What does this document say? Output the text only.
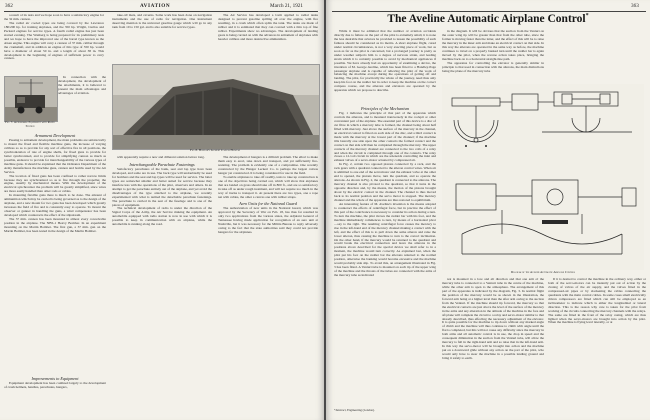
362	AVIATION	March 21, 1921

a result of its tests and we hope soon to have a satisfactory engine for the 32 mm. cannon.

The radial air cooled types are being covered by the Lawrance 180/200 hp. for training airplanes, and the 350 hp. Wright, Curtiss and Packard engines for service types. A fourth radial engine has just been started evening. The Wanberg is being prepared for its preliminary tests and we hope to have the improved one of the barrel type known as the Alsen engine. This engine will carry a cannon of 37 mm. caliber through the crankshaft, and in addition an engine of this type of 350 hp. would have a diameter of about 50 in. and a length of about 38 in. This development is the beginning of engines of sufficient power to carry cannon.

In connection with the development, the development of the attachments, it is believed to present the main advantages and advantages of aviation.

Fig. 7. Automobile Equipment with Radio Station
Armament Development

Passing to armament development, the main problems are satisfactorily to mount the fixed and flexible machine guns, the increase of varying calibres so as to provide for any sort of effective fire in all positions, the synchronization of rate of engine shells, for fixed guns to provide for better synchronized, and to provide for simplifying cannon as much as possible, endeavor to provide for interchangeability of the various types of machine guns. It should be explained that the Ordnance Department of the Army manufactures the machine guns, cannon and bombs used by the Air Service.

The location of fixed guns has been confined to rather narrow limits because they are synchronized so as to fire through the propeller, the engine, usually by mechanical means. With the development of the electrical synchronizer the problem will be greatly simplified, since wires are more easily handled than other rods or cables.

In mounting flexible guns there is much to be done. The amount of ammunition which may be carried is being governed as to the design of the airplane, and a new mount for two guns has been developed which greatly increases the field of fire and is constantly easy to operate. To mount the observer or gunner in handling the guns, a wind compensator has been developed which counteracts the effect of the slipstream.

The 37 mm. cannon has been mounted in almost every conceivable position in the airplane. The NBS-1 Heavy Bomber. In an experiment mounting on the Martin Bomber. The first gun, a 37 mm. gun on the Martin Bomber, has been tested in the design of the Martin Bomber.

Improvements to Equipment

Equipment development has been confined largely to the development of crash helmets, handles, parachutes, hangars,

take-off mats, and caverns. Some work has been done on navigation instruments and the use of radio for navigation. One instrument deserving mention is the universal gasoline gauge which will go in any tank from 10 to 150 gal. and is also suitable for service types.

The Air Service has developed a form applied to radial tanks designed to prevent gasoline spilling all over the engine, with fire resulting, in a crash which often splits the tank. The tanks are made of rubber and it is estimated that they can covered with a thin top of fine rubber. Experiments show no advantages. The development of landing gears is being carried on with the advances in armament of airplanes with heavier calibres and more destructive ammunition.

Fig. 8. Hangar's Leckert Canvas Hangar

with apparently require a new and different solution before long.

Interchangeable Parachute Fastenings

Satisfactory parachutes of the bank, seat and lap type have been developed, and some are in use. The back type will undoubtedly be used for bombers and the seat and lap types will be used for service. The latter types are somewhat smaller and better suited for service because they interfere less with the operations of the pilot, observers and others. In an attempt to get the parachute entirely out of the airplane, and yet avoid the disadvantages of the type attached to the airplane, we recently experimented with what is termed the detachable parachute fastenings. The parachute is carried in the seat of the fuselage and is one of the pieces of equipment.

The technical development of radio is under the direction of the Signal Corps of the Army, the Air Service making the equipment. An automobile equipped with radio station is now in use with which it is possible to keep in communication with an airplane, while the automobile is running along the road.

The development of hangars is a difficult problem. The effort to make them easy to erect, take down and transport, and yet sufficiently fire-resisting. The problem is evidently one of a compromise. One recently constructed by the Hanger Leckert Co. is perhaps the largest canvas hangar yet constructed. It is being considered for use in the field.

To enable airplanes to take off readily, tests to take up construction is one of the objectives being carried out, which will show that airplanes that are landed on grass should take off in 800 ft., and are so satisfactory in take off as under rough treatment, and will not require too much in the way of trucks to transport it. At present there are two types, one a rope net with cables, the other a canvas one with rubber straps.

Aero Units for the National Guard

The authorization of new units in the National Guard, which was approved by the Secretary of War on Feb. 18, has thus far resulted in only two applications from the various states, the Adjutant General of Tennessee having made application for recognition of an aero unit at Nashville, but it was necessary for the Militia Bureau to reply adversely owing to the fact that the state authorities said they could not provide hangars for the airplanes.

363
The Aveline Automatic Airplane Control*

While it must be admitted that the number of aviation accidents directly due to failure on the part of the pilot is extremely small, it is none the less desirable that aviators be provided to lessen the possibility of such failures should be considered as its merits. A short airplane flight, cured under normal circumstances, is not a very exacting piece of work, but as soon as far as the pilot is concerned, but a prolonged journey is pretty as under weather subjects him to a degree of nervous strain, and leading strain which it is certainly possible to avoid by mechanical appliances if possible. We have already had an opportunity of examining a device, the invention of M. George Aveline, which has been fitted to a Handley-Page passenger airplane and is capable of relieving the pilot of the work of balancing the machine except during the operations of getting off and landing. The pilot, for practically the whole of the journey, need thus only keep his foot on the rudder bar in order to keep the machine on the correct compass course, and the ailerons and elevators are operated by the apparatus which we propose to describe.

Principles of the Mechanism

Fig. 1 indicates the principle of that part of the apparatus which controls the ailerons, and is mounted transversely in the cockpit or other convenient part of the airplane. The essential part of this device is a disc of cut fibre in which a mercury tube is formed, the channel being about half filled with mercury. Just above the surface of the mercury in the channel, an electrical contact is fitted on each side of the disc, and a third contact is made with the mercury at the lowest part of the channel; if the machine tilts laterally one side upon the other contacts the formed contact and the contact on that side will then be completed through the mercury. The upper contacts of the mercury channel are connected to the two coils of a relay and when the circuit is completed through one of the contacts. The relay closes a 12-volt circuit in which are the solenoids controlling the inlet and exhaust valves of a servo-motor actuated by compressed air.

In Fig. 2, certain two opposed pistons connected by a rack, and the rack gears with a quadrant connected to the aileron control wires. When air is admitted to one end of the servomotor and the exhaust valve at the other end is opened, the pistons move, turn the quadrant, and so operate the ailerons. As shown in Fig. 2, the quadrant is connected to the ailerons. The mercury channel is also pivoted to the quadrant, so that it turns in the opposite direction and, by the means, the motion of the pistons brought about by the electric contact in the channel. The channel is thus moved back to its normal position and the servo motor is stopped. The mercury channel and the whole of the apparatus are thus restored to equilibrium.

An interesting feature of M. Aveline's invention is the means adopted to counteract the effects of centrifugal force, but in practice the effect of this part of the contrivance is necessary to consider its action during a turn. To turn the machine, the pilot moves the rudder bar with his foot, and the machine immediately commences to turn, by means of a horizontal pivot—say to the right. The resulting centrifugal force causes the mercury to rise in the left-hand end of the mercury channel making a contact with the left, and the effect of this is to pull down the same aileron and raise the lower aileron, thus causing the machine to turn to the correct inclination. On the other hand, if the mercury would be returned to the quadrant and would break the electrical connection and leave the ailerons in the positions above described for the special device we shall refer to in a moment, the machine would turn correctly. As explained last, when the pilot put his foot on the rudder bar the ailerons returned to the normal position, otherwise the banking would become excessive and the machine would probably side slip. To avoid this, an arrangement illustrated in Fig. 3 has been fitted. A Venturi tube is mounted on each tip of the upper wing of the machine and the throats of the tubes are connected with the arms of the mercury tube as indicated

*Abstract, Engineering (London).

in the diagram. It will be obvious that the suction from the Venturi on the outer wing tip will be greater than that from the other tube, since the former is moving faster than the latter, and the effect of this will be to raise the mercury in the inner arm and make an electrical contact on that side. In this way the ailerons are operated in the same way as before, the machine continues to travel on a properly banked turn until the rudder bar is again moved by the pilot, when the reverse action takes place, bringing the machine back on to a horizontal straight-line path.

The apparatus for controlling the elevator is generally similar in principle to that used in connection with the ailerons, the main distinctions being the plane of the mercury tube

Diagram of the Aveline Automatic Airplane Control

not is mounted in a fore and aft direction and that one arm of the mercury tube is connected to a Venturi tube in the centre of the machine, while the other arm is open to the atmosphere. The arrangement of this part of the apparatus is indicated by the diagram, Fig. 3. In normal flight the position of the mercury would be as shown in the illustration, the forward arm being at a higher level than the after arm owing to the suction from the Venturi. If the machine should tip forward, the mercury so that the electrical contacts are just above the level of the surface of the mercury in the arms and any alteration in the attitude of the machine in the fore and aft plane will complete the circuit to a relay and servo-motor similar to that already described, thus effecting the necessary adjustment of the elevator. It is quite possible for the machine to tip down without any marked angle of climb and the machine will thus continue to climb with angle until the flat is completed, but this will not cause any difficulty since the mercury in both arms and all automatic control is in use, the drop in speed and the consequent diminution in the suction from the Venturi tube, will allow the mercury to fall in the right-hand arm and so raise that in the left-hand arm. In this way the servo-motor will be brought into action and the machine put on a downward glide without any action on the part of the pilot, who would only have to steer the machine in a possible landing ground and bring it safely to earth.

If it is desired to control the machine in the ordinary way, either or both of the servo-motors can be instantly put out of action by the closing of valves of the air supply, and the valves fitted in the compressed-air pipes or by slackening the cables connecting the quadrants with the main control cables. In some cases small electrically driven compressors are fitted which can still be employed as an inclinometer to indicate which is either the longitudinal or lateral direction. This is the reason why care is taken for the pilot from working of the circuits connecting the mercury channels with the relays. The same are fitted in the front of the relay casing, which are thus lighted when the servo-motors are brought into action by the pilot. When the machine is flying level laterally, or at
